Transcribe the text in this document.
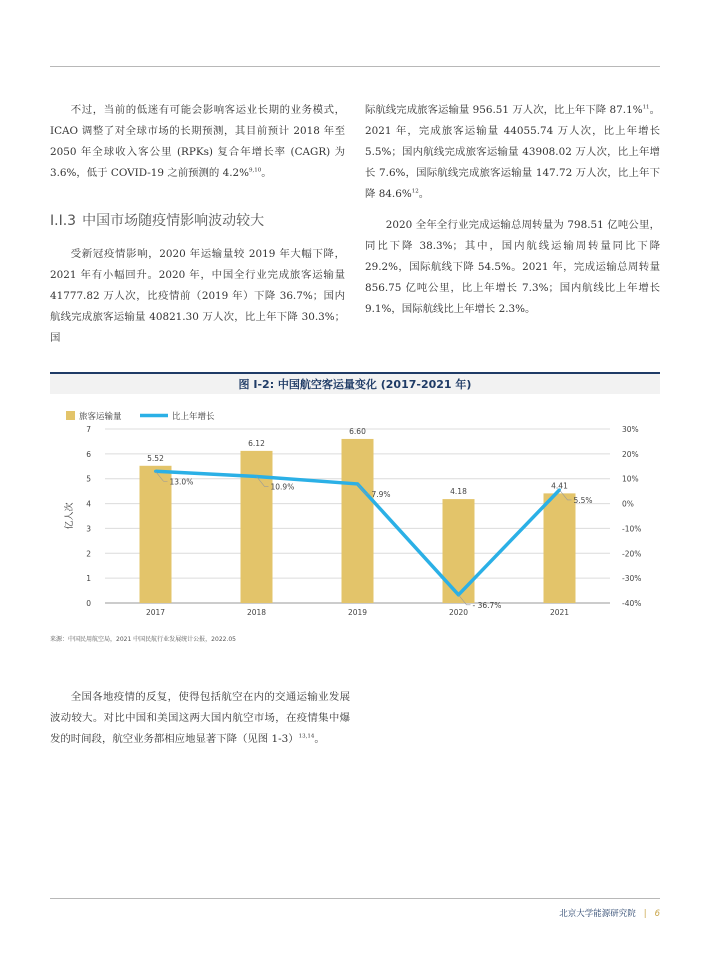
不过，当前的低迷有可能会影响客运业长期的业务模式，ICAO 调整了对全球市场的长期预测，其目前预计 2018 年至 2050 年全球收入客公里 (RPKs) 复合年增长率 (CAGR) 为 3.6%，低于 COVID-19 之前预测的 4.2%$^{9,10}$。

I.I.3 中国市场随疫情影响波动较大

受新冠疫情影响，2020 年运输量较 2019 年大幅下降，2021 年有小幅回升。2020 年，中国全行业完成旅客运输量 41777.82 万人次，比疫情前（2019 年）下降 36.7%；国内航线完成旅客运输量 40821.30 万人次，比上年下降 30.3%；国

际航线完成旅客运输量 956.51 万人次，比上年下降 87.1%$^{11}$。2021 年，完成旅客运输量 44055.74 万人次，比上年增长 5.5%；国内航线完成旅客运输量 43908.02 万人次，比上年增长 7.6%，国际航线完成旅客运输量 147.72 万人次，比上年下降 84.6%$^{12}$。

2020 全年全行业完成运输总周转量为 798.51 亿吨公里，同比下降 38.3%；其中，国内航线运输周转量同比下降 29.2%，国际航线下降 54.5%。2021 年，完成运输总周转量 856.75 亿吨公里，比上年增长 7.3%；国内航线比上年增长 9.1%，国际航线比上年增长 2.3%。

图 I-2: 中国航空客运量变化 (2017-2021 年)
5.52
6.12
6.60
4.18
4.41
13.0%
10.9%
7.9%
- 36.7%
5.5%
0
1
2
3
4
5
6
7
-40%
-30%
-20%
-10%
0%
10%
20%
30%
亿人次
2017	2018	2019	2020	2021
旅客运输量	比上年增长
来源：中国民用航空局，2021 中国民航行业发展统计公报，2022.05

全国各地疫情的反复，使得包括航空在内的交通运输业发展波动较大。对比中国和美国这两大国内航空市场，在疫情集中爆发的时间段，航空业务都相应地显著下降（见图 1-3）$^{13,14}$。

北京大学能源研究院 | 6
